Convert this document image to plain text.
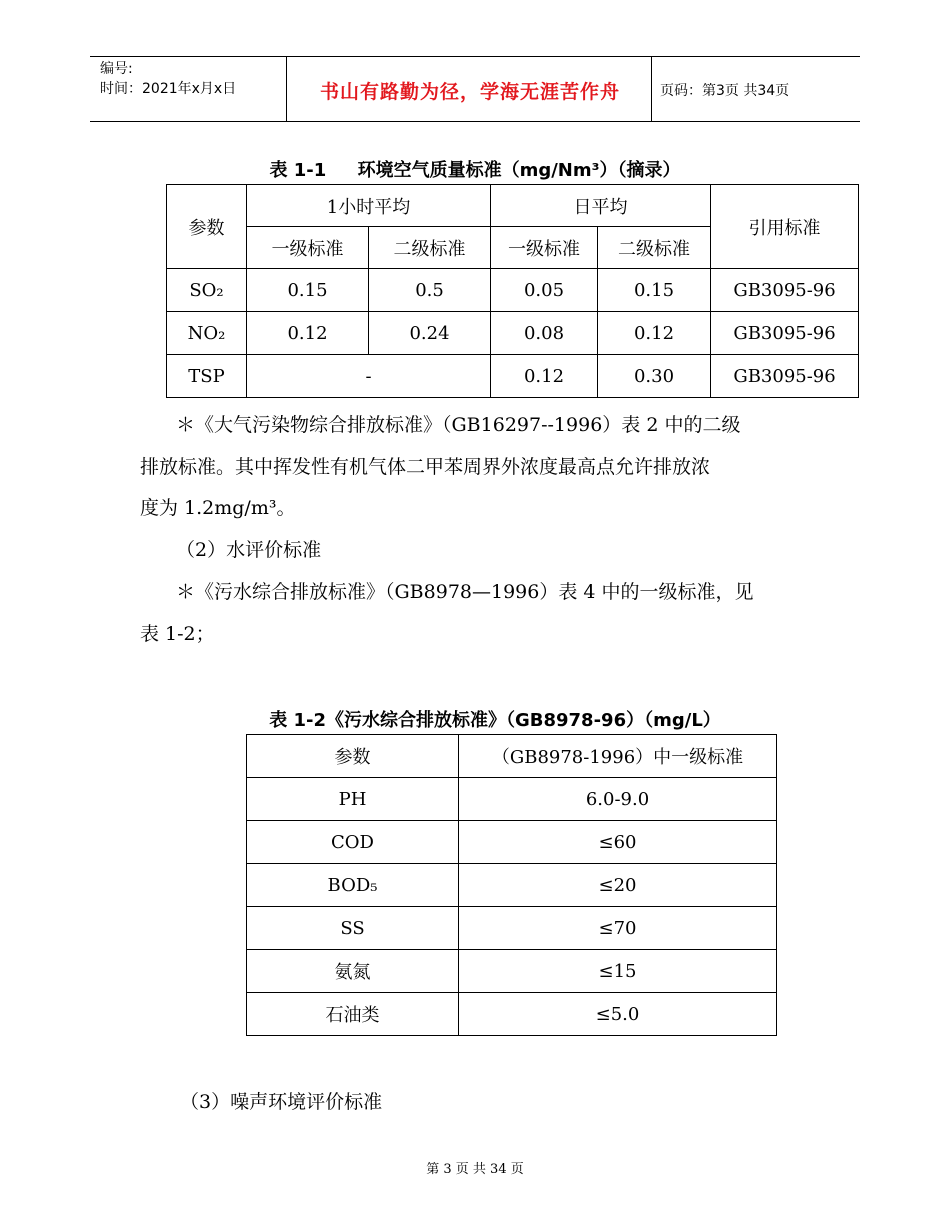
编号:
时间：2021年x月x日	书山有路勤为径，学海无涯苦作舟	页码：第3页 共34页
表 1-1     环境空气质量标准（mg/Nm³）（摘录）
参数	1小时平均		日平均		引用标准
	一级标准	二级标准	一级标准	二级标准	
SO₂	0.15	0.5	0.05	0.15	GB3095-96
NO₂	0.12	0.24	0.08	0.12	GB3095-96
TSP	-		0.12	0.30	GB3095-96
＊《大气污染物综合排放标准》（GB16297--1996）表 2 中的二级
排放标准。其中挥发性有机气体二甲苯周界外浓度最高点允许排放浓
度为 1.2mg/m³。
（2）水评价标准
＊《污水综合排放标准》（GB8978—1996）表 4 中的一级标准，见
表 1-2；
表 1-2《污水综合排放标准》（GB8978-96）（mg/L）
参数	（GB8978-1996）中一级标准
PH	6.0-9.0
COD	≤60
BOD₅	≤20
SS	≤70
氨氮	≤15
石油类	≤5.0
（3）噪声环境评价标准
第 3 页 共 34 页
